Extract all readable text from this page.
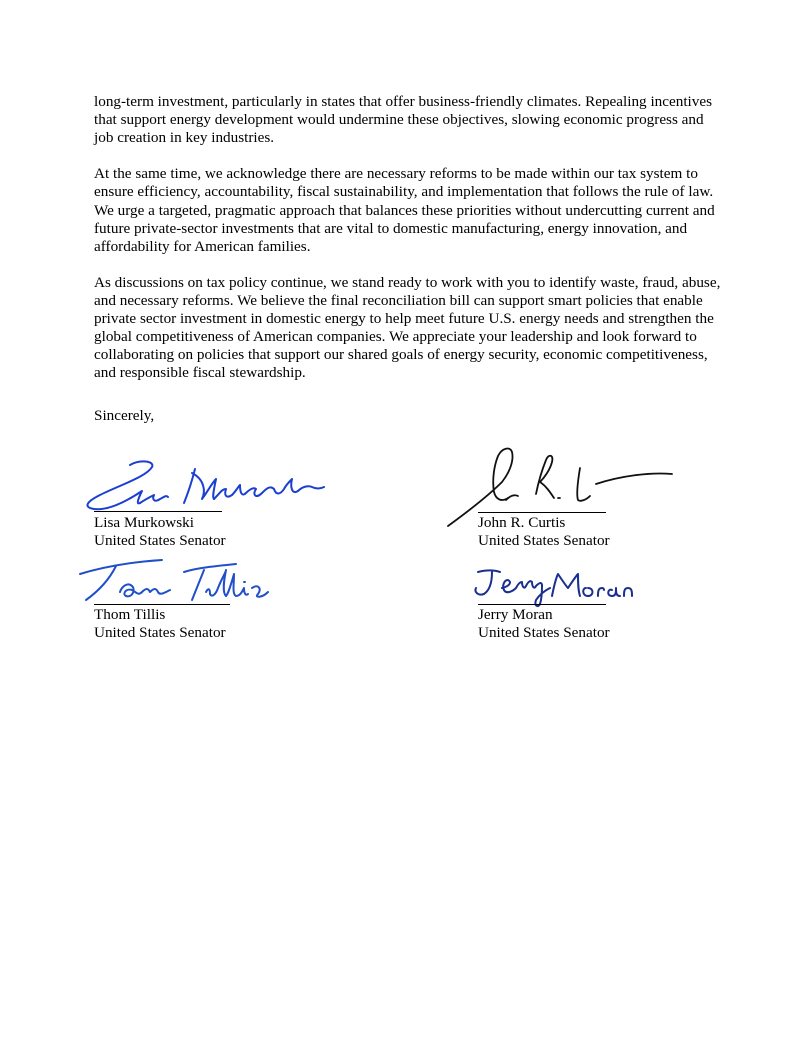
long-term investment, particularly in states that offer business-friendly climates. Repealing incentives that support energy development would undermine these objectives, slowing economic progress and job creation in key industries.

At the same time, we acknowledge there are necessary reforms to be made within our tax system to ensure efficiency, accountability, fiscal sustainability, and implementation that follows the rule of law. We urge a targeted, pragmatic approach that balances these priorities without undercutting current and future private-sector investments that are vital to domestic manufacturing, energy innovation, and affordability for American families.

As discussions on tax policy continue, we stand ready to work with you to identify waste, fraud, abuse, and necessary reforms. We believe the final reconciliation bill can support smart policies that enable private sector investment in domestic energy to help meet future U.S. energy needs and strengthen the global competitiveness of American companies. We appreciate your leadership and look forward to collaborating on policies that support our shared goals of energy security, economic competitiveness, and responsible fiscal stewardship.

Sincerely,

Lisa Murkowski
United States Senator
John R. Curtis
United States Senator
Thom Tillis
United States Senator
Jerry Moran
United States Senator
